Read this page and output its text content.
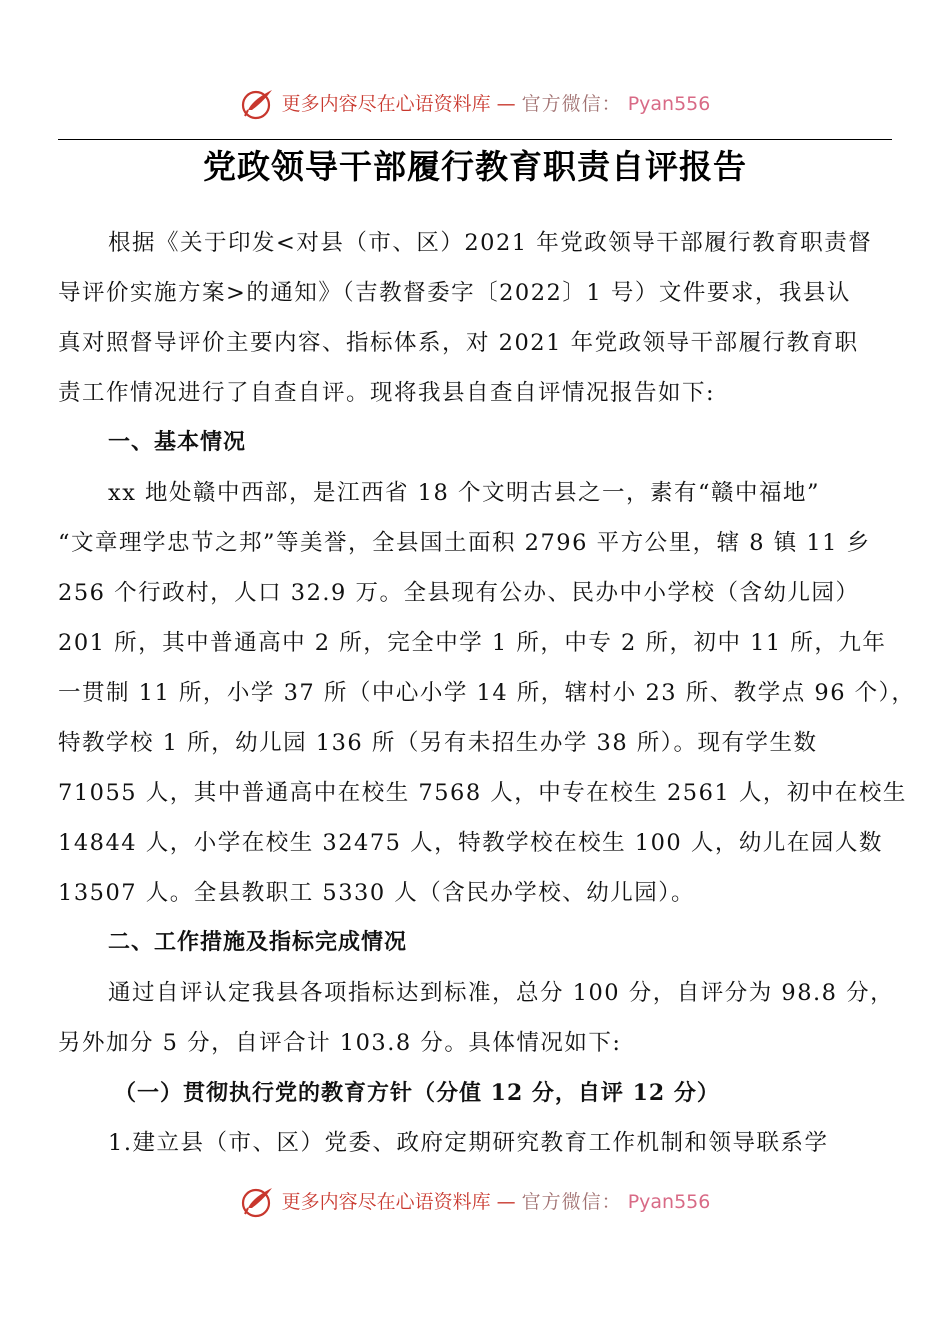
更多内容尽在心语资料库 — 官方微信： Pyan556
党政领导干部履行教育职责自评报告
根据《关于印发<对县（市、区）2021 年党政领导干部履行教育职责督
导评价实施方案>的通知》（吉教督委字〔2022〕1 号）文件要求，我县认
真对照督导评价主要内容、指标体系，对 2021 年党政领导干部履行教育职
责工作情况进行了自查自评。现将我县自查自评情况报告如下:
一、基本情况
xx 地处赣中西部，是江西省 18 个文明古县之一，素有“赣中福地”
“文章理学忠节之邦”等美誉，全县国土面积 2796 平方公里，辖 8 镇 11 乡
256 个行政村，人口 32.9 万。全县现有公办、民办中小学校（含幼儿园）
201 所，其中普通高中 2 所，完全中学 1 所，中专 2 所，初中 11 所，九年
一贯制 11 所，小学 37 所（中心小学 14 所，辖村小 23 所、教学点 96 个），
特教学校 1 所，幼儿园 136 所（另有未招生办学 38 所）。现有学生数
71055 人，其中普通高中在校生 7568 人，中专在校生 2561 人，初中在校生
14844 人，小学在校生 32475 人，特教学校在校生 100 人，幼儿在园人数
13507 人。全县教职工 5330 人（含民办学校、幼儿园）。
二、工作措施及指标完成情况
通过自评认定我县各项指标达到标准，总分 100 分，自评分为 98.8 分，
另外加分 5 分，自评合计 103.8 分。具体情况如下:
（一）贯彻执行党的教育方针（分值 12 分，自评 12 分）
1.建立县（市、区）党委、政府定期研究教育工作机制和领导联系学
更多内容尽在心语资料库 — 官方微信： Pyan556
